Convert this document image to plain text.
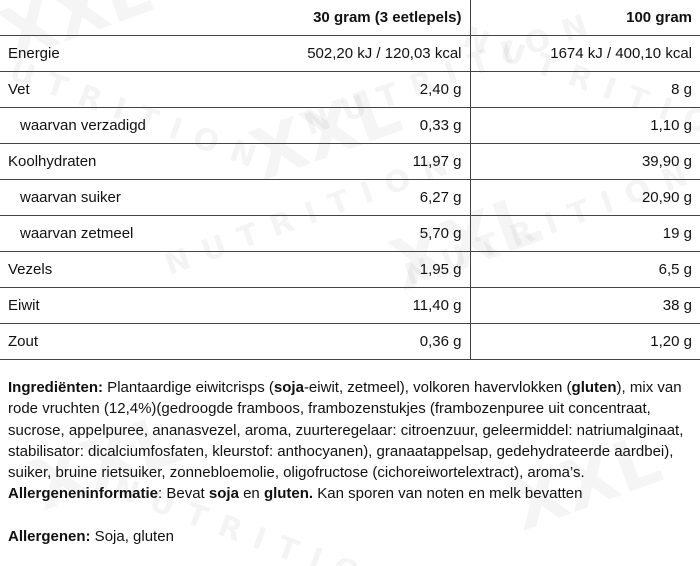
	30 gram (3 eetlepels)	100 gram
Energie	502,20 kJ / 120,03 kcal	1674 kJ / 400,10 kcal
Vet	2,40 g	8 g
waarvan verzadigd	0,33 g	1,10 g
Koolhydraten	11,97 g	39,90 g
waarvan suiker	6,27 g	20,90 g
waarvan zetmeel	5,70 g	19 g
Vezels	1,95 g	6,5 g
Eiwit	11,40 g	38 g
Zout	0,36 g	1,20 g
Ingrediënten: Plantaardige eiwitcrisps (soja-eiwit, zetmeel), volkoren havervlokken (gluten), mix van rode vruchten (12,4%)(gedroogde framboos, frambozenstukjes (frambozenpuree uit concentraat, sucrose, appelpuree, ananasvezel, aroma, zuurteregelaar: citroenzuur, geleermiddel: natriumalginaat, stabilisator: dicalciumfosfaten, kleurstof: anthocyanen), granaatappelsap, gedehydrateerde aardbei), suiker, bruine rietsuiker, zonnebloemolie, oligofructose (cichoreiwortelextract), aroma’s. Allergeneninformatie: Bevat soja en gluten. Kan sporen van noten en melk bevatten
Allergenen: Soja, gluten
